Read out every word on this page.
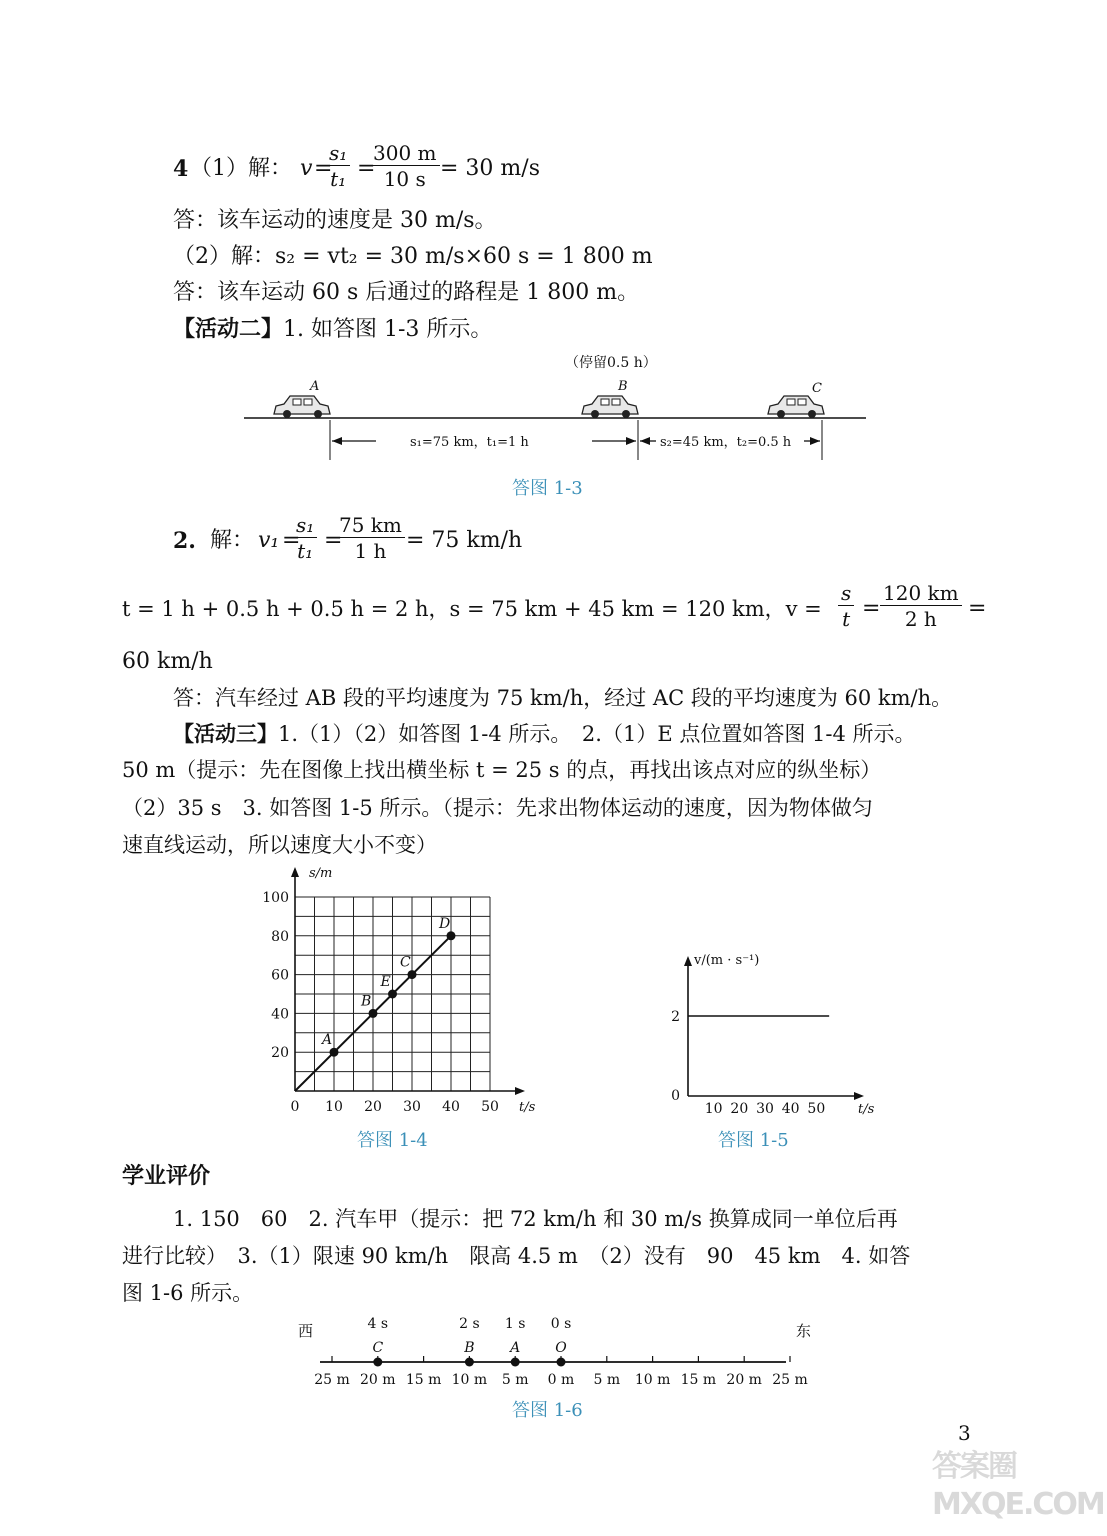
4 （1）解： v =
$\frac{\text{s₁}}{\text{t₁}}$ =
$\frac{300 m}{10 s} = 30$ m/s
答：该车运动的速度是 30 m/s。
（2）解：s₂ = vt₂ = 30 m/s×60 s = 1 800 m
答：该车运动 60 s 后通过的路程是 1 800 m。
【活动二】1. 如答图 1-3 所示。
（停留0.5 h）
A	B	C
s₁=75 km，t₁=1 h	s₂=45 km，t₂=0.5 h
答图 1-3
2. 解： v₁ =
$\frac{\text{s₁}}{\text{t₁}}$ =
$\frac{75 km}{1 h} = 75$ km/h
t = 1 h + 0.5 h + 0.5 h = 2 h，s = 75 km + 45 km = 120 km，$v = \frac{s}{t} = \frac{120 km}{2 h}$ =
60 km/h
答：汽车经过 AB 段的平均速度为 75 km/h，经过 AC 段的平均速度为 60 km/h。
【活动三】1.（1）（2）如答图 1-4 所示。　2.（1）E 点位置如答图 1-4 所示。
50 m（提示：先在图像上找出横坐标 t = 25 s 的点，再找出该点对应的纵坐标）
（2）35 s　3. 如答图 1-5 所示。（提示：先求出物体运动的速度，因为物体做匀
速直线运动，所以速度大小不变）
0 10 20 30 40 50
20
40
60
80
100
t/s
s/m
A
B
E
C
D
答图 1-4
0
10 20 30 40 50
2
t/s
v/(m · s⁻¹)
答图 1-5
学业评价
1. 150　60　2. 汽车甲（提示：把 72 km/h 和 30 m/s 换算成同一单位后再
进行比较）　3.（1）限速 90 km/h　限高 4.5 m　（2）没有　90　45 km　4. 如答
图 1-6 所示。
西	东
25 m 20 m 15 m 10 m 5 m 0 m 5 m 10 m 15 m 20 m 25 m
C
4 s
B
2 s
A
1 s
O
0 s
答图 1-6
3
答案圈 MXQE.COM
